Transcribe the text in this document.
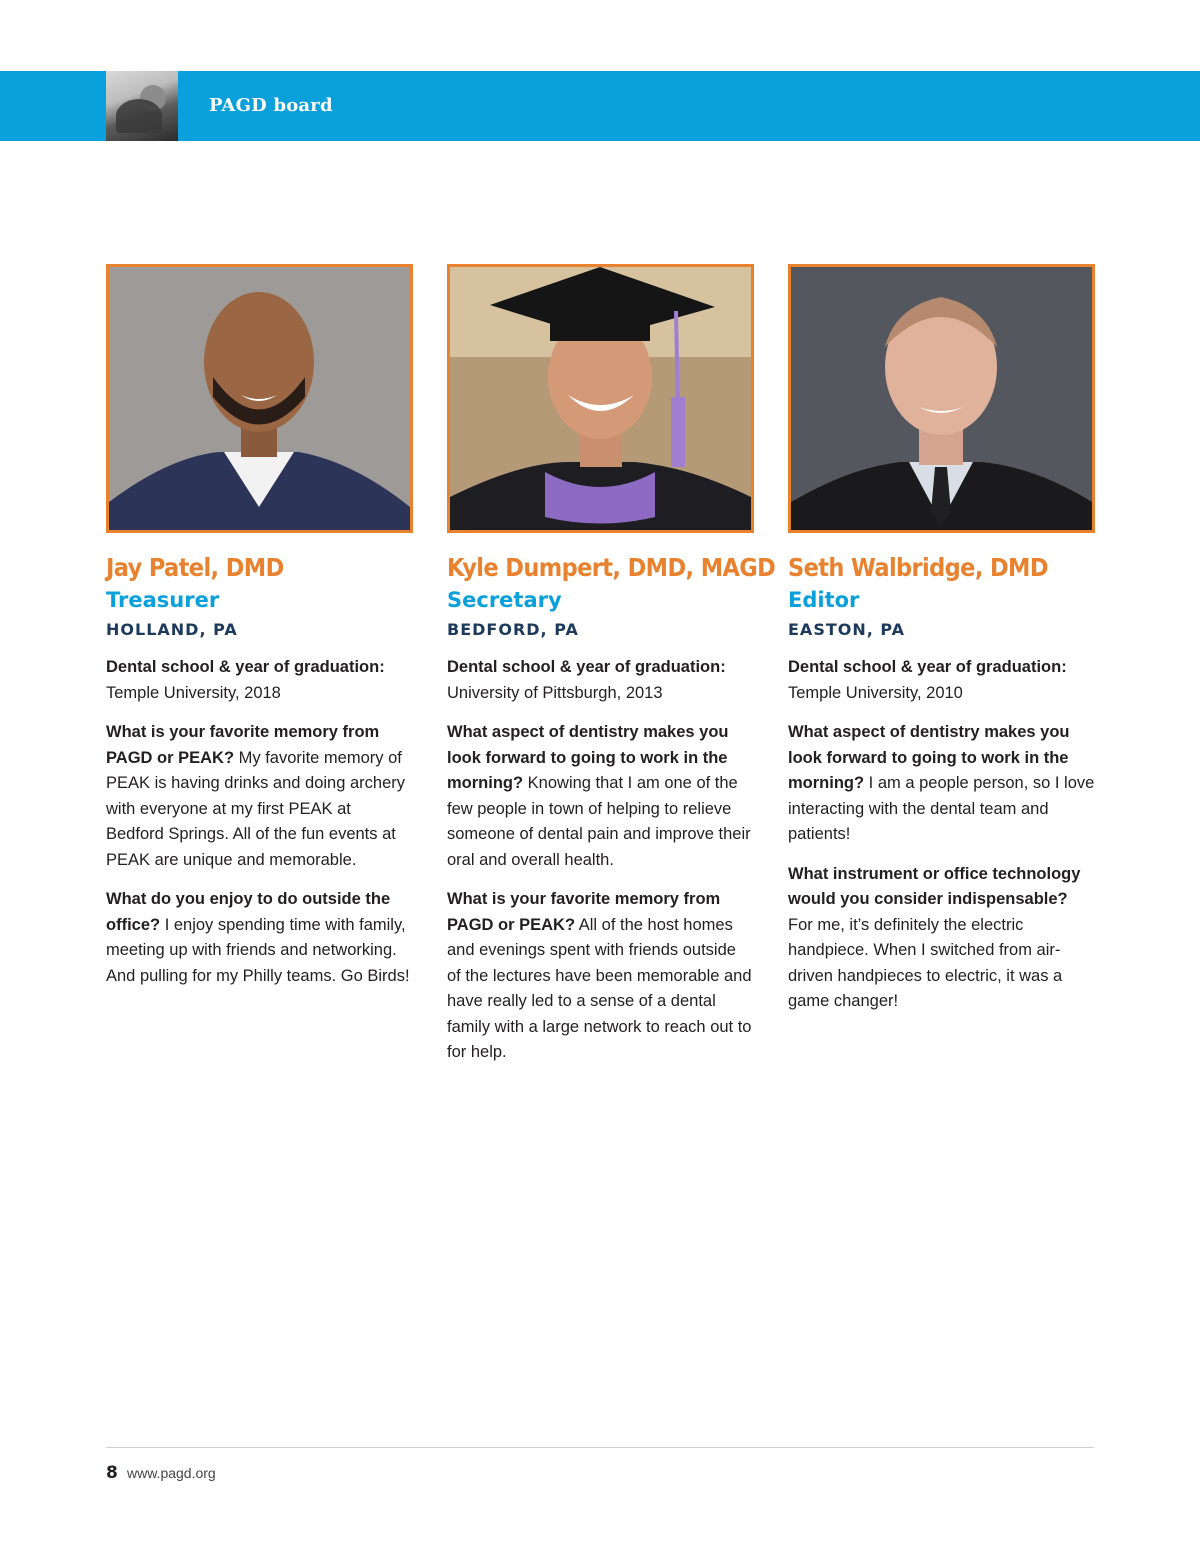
PAGD board
Jay Patel, DMD
Treasurer
HOLLAND, PA
Dental school & year of graduation:
Temple University, 2018
What is your favorite memory from PAGD or PEAK? My favorite memory of PEAK is having drinks and doing archery with everyone at my first PEAK at Bedford Springs. All of the fun events at PEAK are unique and memorable.
What do you enjoy to do outside the office? I enjoy spending time with family, meeting up with friends and networking. And pulling for my Philly teams. Go Birds!
Kyle Dumpert, DMD, MAGD
Secretary
BEDFORD, PA
Dental school & year of graduation:
University of Pittsburgh, 2013
What aspect of dentistry makes you look forward to going to work in the morning? Knowing that I am one of the few people in town of helping to relieve someone of dental pain and improve their oral and overall health.
What is your favorite memory from PAGD or PEAK? All of the host homes and evenings spent with friends outside of the lectures have been memorable and have really led to a sense of a dental family with a large network to reach out to for help.
Seth Walbridge, DMD
Editor
EASTON, PA
Dental school & year of graduation:
Temple University, 2010
What aspect of dentistry makes you look forward to going to work in the morning? I am a people person, so I love interacting with the dental team and patients!
What instrument or office technology would you consider indispensable? For me, it’s definitely the electric handpiece. When I switched from air-driven handpieces to electric, it was a game changer!
8 www.pagd.org
